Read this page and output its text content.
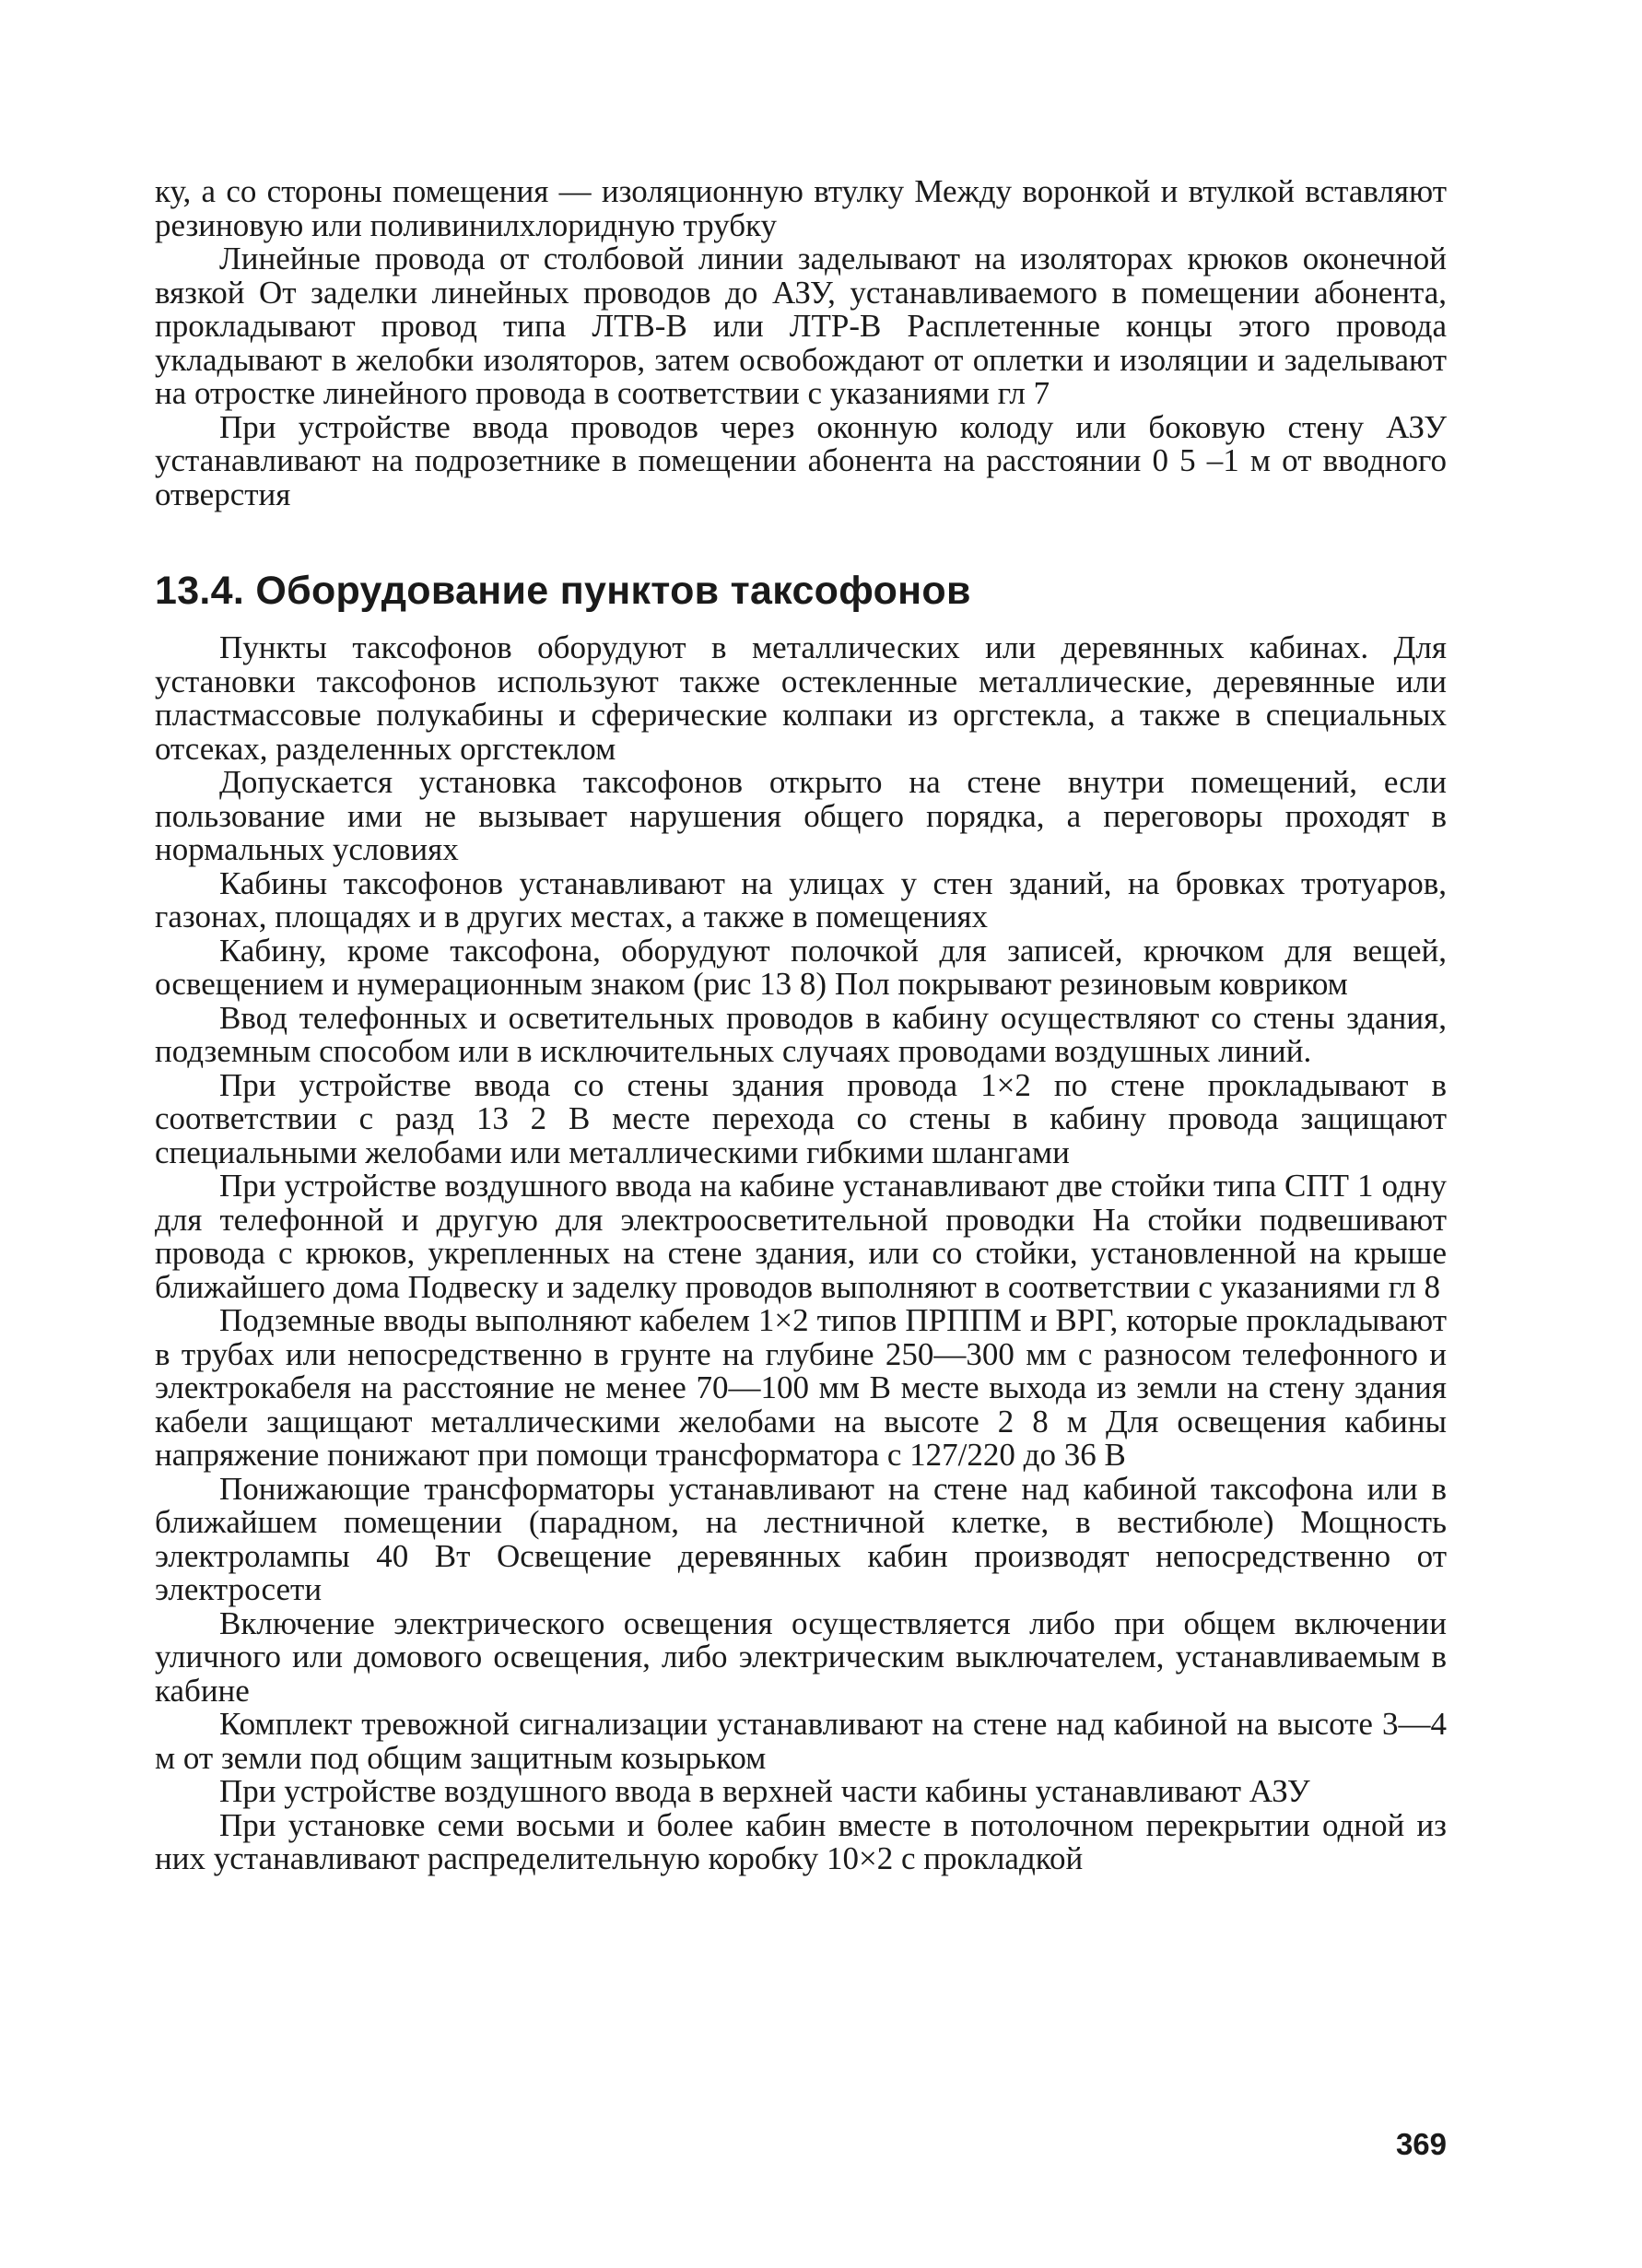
ку, а со стороны помещения — изоляционную втулку Между воронкой и втулкой вставляют резиновую или поливинилхлоридную трубку

Линейные провода от столбовой линии заделывают на изоляторах крюков оконечной вязкой От заделки линейных проводов до АЗУ, устанавливаемого в помещении абонента, прокладывают провод типа ЛТВ-В или ЛТР-В Расплетенные концы этого провода укладывают в желобки изоляторов, затем освобождают от оплетки и изоляции и заделывают на отростке линейного провода в соответствии с указаниями гл 7

При устройстве ввода проводов через оконную колоду или боковую стену АЗУ устанавливают на подрозетнике в помещении абонента на расстоянии 0 5 –1 м от вводного отверстия

13.4. Оборудование пунктов таксофонов

Пункты таксофонов оборудуют в металлических или деревянных кабинах. Для установки таксофонов используют также остекленные металлические, деревянные или пластмассовые полукабины и сферические колпаки из оргстекла, а также в специальных отсеках, разделенных оргстеклом

Допускается установка таксофонов открыто на стене внутри помещений, если пользование ими не вызывает нарушения общего порядка, а переговоры проходят в нормальных условиях

Кабины таксофонов устанавливают на улицах у стен зданий, на бровках тротуаров, газонах, площадях и в других местах, а также в помещениях

Кабину, кроме таксофона, оборудуют полочкой для записей, крючком для вещей, освещением и нумерационным знаком (рис 13 8) Пол покрывают резиновым ковриком

Ввод телефонных и осветительных проводов в кабину осуществляют со стены здания, подземным способом или в исключительных случаях проводами воздушных линий.

При устройстве ввода со стены здания провода 1×2 по стене прокладывают в соответствии с разд 13 2 В месте перехода со стены в кабину провода защищают специальными желобами или металлическими гибкими шлангами

При устройстве воздушного ввода на кабине устанавливают две стойки типа СПТ 1 одну для телефонной и другую для электроосветительной проводки На стойки подвешивают провода с крюков, укрепленных на стене здания, или со стойки, установленной на крыше ближайшего дома Подвеску и заделку проводов выполняют в соответствии с указаниями гл 8

Подземные вводы выполняют кабелем 1×2 типов ПРППМ и ВРГ, которые прокладывают в трубах или непосредственно в грунте на глубине 250—300 мм с разносом телефонного и электрокабеля на расстояние не менее 70—100 мм В месте выхода из земли на стену здания кабели защищают металлическими желобами на высоте 2 8 м Для освещения кабины напряжение понижают при помощи трансформатора с 127/220 до 36 В

Понижающие трансформаторы устанавливают на стене над кабиной таксофона или в ближайшем помещении (парадном, на лестничной клетке, в вестибюле) Мощность электролампы 40 Вт Освещение деревянных кабин производят непосредственно от электросети

Включение электрического освещения осуществляется либо при общем включении уличного или домового освещения, либо электрическим выключателем, устанавливаемым в кабине

Комплект тревожной сигнализации устанавливают на стене над кабиной на высоте 3—4 м от земли под общим защитным козырьком

При устройстве воздушного ввода в верхней части кабины устанавливают АЗУ

При установке семи восьми и более кабин вместе в потолочном перекрытии одной из них устанавливают распределительную коробку 10×2 с прокладкой

369
